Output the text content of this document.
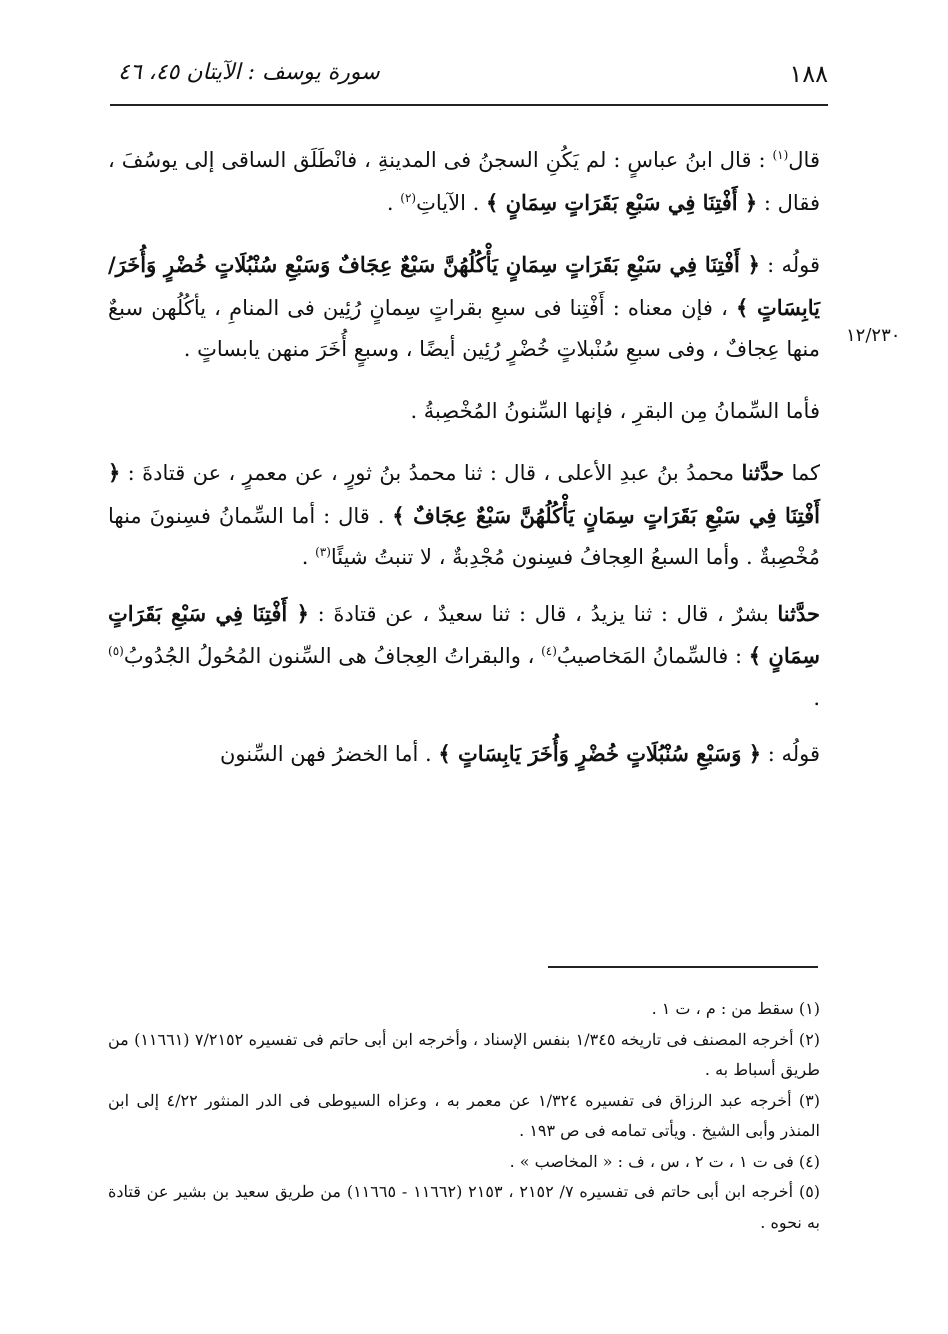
١٨٨
سورة يوسف : الآيتان ٤٥، ٤٦
١٢/٢٣٠

قال$^{(١)}$ : قال ابنُ عباسٍ : لم يَكُنِ السجنُ فى المدينةِ ، فانْطَلَق الساقى إلى يوسُفَ ، فقال : ﴿ أَفْتِنَا فِي سَبْعِ بَقَرَاتٍ سِمَانٍ ﴾ . الآياتِ$^{(٢)}$ .

قولُه : ﴿ أَفْتِنَا فِي سَبْعِ بَقَرَاتٍ سِمَانٍ يَأْكُلُهُنَّ سَبْعٌ عِجَافٌ وَسَبْعِ سُنْبُلَاتٍ خُضْرٍ وَأُخَرَ/ يَابِسَاتٍ ﴾ ، فإن معناه : أَفْتِنا فى سبعِ بقراتٍ سِمانٍ رُئِين فى المنامِ ، يأكُلُهن سبعٌ منها عِجافٌ ، وفى سبعِ سُنْبلاتٍ خُضْرٍ رُئِين أيضًا ، وسبعٍ أُخَرَ منهن يابساتٍ .

فأما السِّمانُ مِن البقرِ ، فإنها السِّنونُ المُخْصِبةُ .

كما حدَّثنا محمدُ بنُ عبدِ الأعلى ، قال : ثنا محمدُ بنُ ثورٍ ، عن معمرٍ ، عن قتادةَ : ﴿ أَفْتِنَا فِي سَبْعِ بَقَرَاتٍ سِمَانٍ يَأْكُلُهُنَّ سَبْعٌ عِجَافٌ ﴾ . قال : أما السِّمانُ فسِنونَ منها مُخْصِبةٌ . وأما السبعُ العِجافُ فسِنون مُجْدِبةٌ ، لا تنبتُ شيئًا$^{(٣)}$ .

حدَّثنا بشرٌ ، قال : ثنا يزيدُ ، قال : ثنا سعيدٌ ، عن قتادةَ : ﴿ أَفْتِنَا فِي سَبْعِ بَقَرَاتٍ سِمَانٍ ﴾ : فالسِّمانُ المَخاصيبُ$^{(٤)}$ ، والبقراتُ العِجافُ هى السِّنون المُحُولُ الجُدُوبُ$^{(٥)}$ .

قولُه : ﴿ وَسَبْعِ سُنْبُلَاتٍ خُضْرٍ وَأُخَرَ يَابِسَاتٍ ﴾ . أما الخضرُ فهن السِّنون

(١) سقط من : م ، ت ١ .

(٢) أخرجه المصنف فى تاريخه ١/٣٤٥ بنفس الإسناد ، وأخرجه ابن أبى حاتم فى تفسيره ٧/٢١٥٢ (١١٦٦١) من طريق أسباط به .

(٣) أخرجه عبد الرزاق فى تفسيره ١/٣٢٤ عن معمر به ، وعزاه السيوطى فى الدر المنثور ٤/٢٢ إلى ابن المنذر وأبى الشيخ . ويأتى تمامه فى ص ١٩٣ .

(٤) فى ت ١ ، ت ٢ ، س ، ف : « المخاصب » .

(٥) أخرجه ابن أبى حاتم فى تفسيره ٧/ ٢١٥٢ ، ٢١٥٣ (١١٦٦٢ - ١١٦٦٥) من طريق سعيد بن بشير عن قتادة به نحوه .
